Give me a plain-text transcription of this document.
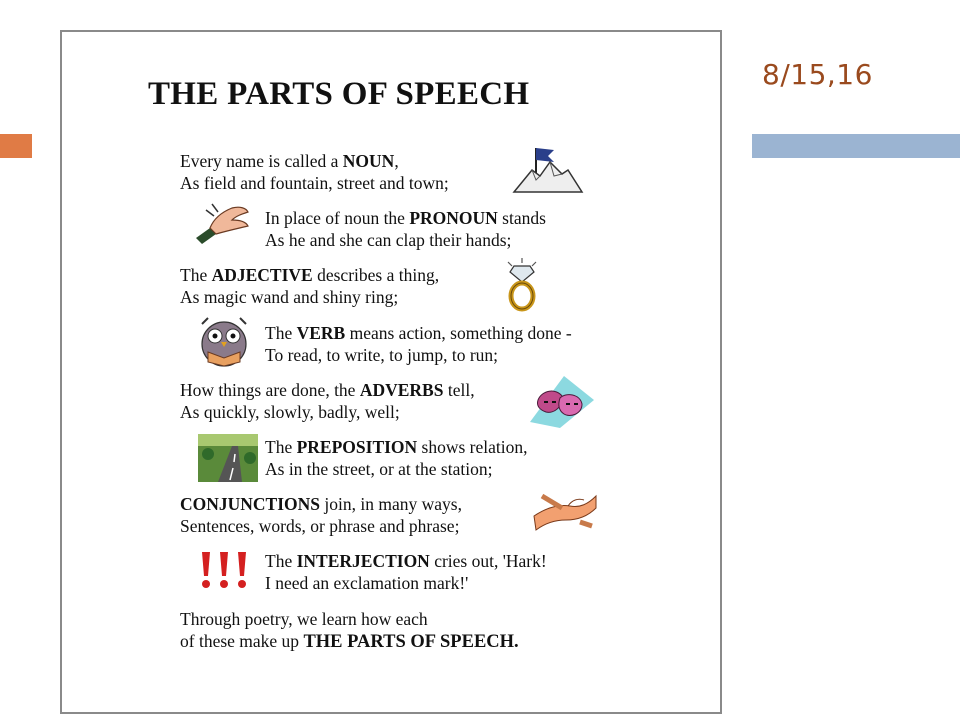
8/15,16
THE PARTS OF SPEECH
Every name is called a NOUN,
As field and fountain, street and town;
In place of noun the PRONOUN stands
As he and she can clap their hands;
The ADJECTIVE describes a thing,
As magic wand and shiny ring;
The VERB means action, something done -
To read, to write, to jump, to run;
How things are done, the ADVERBS tell,
As quickly, slowly, badly, well;
The PREPOSITION shows relation,
As in the street, or at the station;
CONJUNCTIONS join, in many ways,
Sentences, words, or phrase and phrase;
The INTERJECTION cries out, 'Hark!
I need an exclamation mark!'
Through poetry, we learn how each
of these make up THE PARTS OF SPEECH.
